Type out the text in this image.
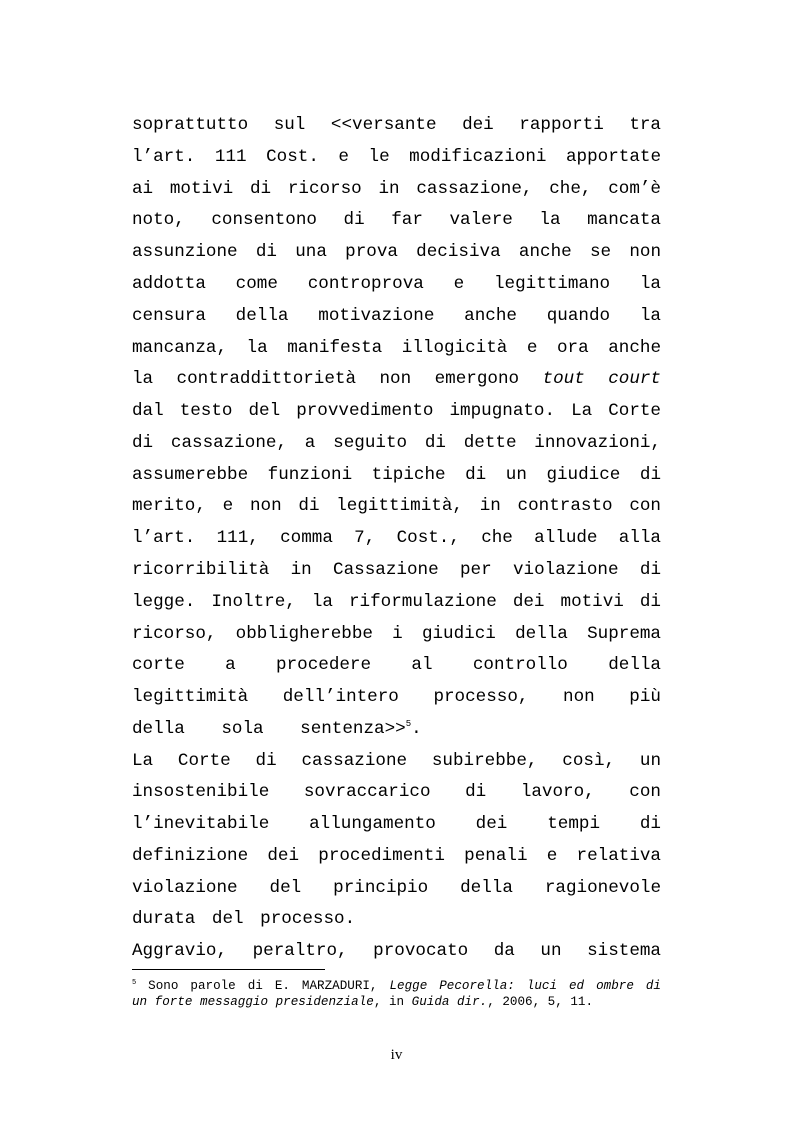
soprattutto sul <<versante dei rapporti tra
l’art. 111 Cost. e le modificazioni apportate
ai motivi di ricorso in cassazione, che, com’è
noto, consentono di far valere la mancata
assunzione di una prova decisiva anche se non
addotta come controprova e legittimano la
censura della motivazione anche quando la
mancanza, la manifesta illogicità e ora anche
la contraddittorietà non emergono tout court
dal testo del provvedimento impugnato. La Corte
di cassazione, a seguito di dette innovazioni,
assumerebbe funzioni tipiche di un giudice di
merito, e non di legittimità, in contrasto con
l’art. 111, comma 7, Cost., che allude alla
ricorribilità in Cassazione per violazione di
legge. Inoltre, la riformulazione dei motivi di
ricorso, obbligherebbe i giudici della Suprema
corte a procedere al controllo della
legittimità dell’intero processo, non più
della sola sentenza>>$^5$.
La Corte di cassazione subirebbe, così, un
insostenibile sovraccarico di lavoro, con
l’inevitabile allungamento dei tempi di
definizione dei procedimenti penali e relativa
violazione del principio della ragionevole
durata del processo.
Aggravio, peraltro, provocato da un sistema
$^5$ Sono parole di E. MARZADURI, Legge Pecorella: luci ed ombre di
un forte messaggio presidenziale, in Guida dir., 2006, 5, 11.
iv
